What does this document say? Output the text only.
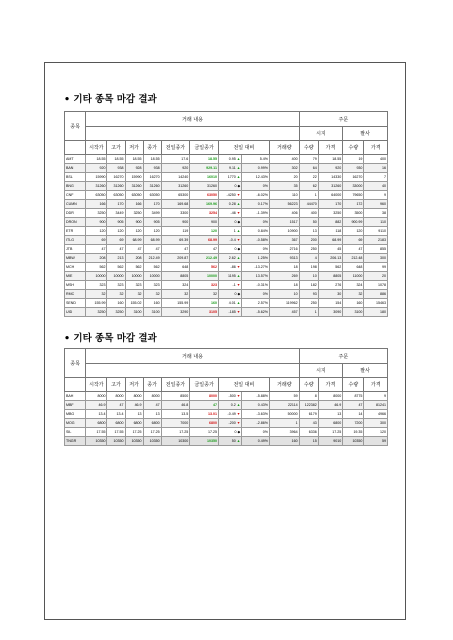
• 기타 종목 마감 결과
종목	거래 내용									주문			
										시지		팔사	
	시작가	고가	저가	종가	전일종가	금일종가	전일 대비		거래량	수량	가격	수량	가격
AMT	18.55	18.55	18.55	18.55	17.6	18.55	0.95 ▲	5.4%	400	79	18.55	19	400
BAN	920	938	928	938	920	929.11	9.11 ▲	0.99%	302	64	920	930	16
BSL	15990	16270	15990	16270	14240	16010	1770 ▲	12.43%	20	22	14330	16270	7
BNG	31260	31260	31260	31260	31260	31260	0 ◆	0%	35	62	31260	33000	40
CNF	63050	63050	63050	63050	65300	63050	-4250 ▼	-6.02%	110	1	64000	79650	9
CUMN	166	170	166	170	169.68	169.96	0.28 ▲	0.17%	56223	44470	170	172	960
DDR	3250	3449	3250	3499	3300	3254	-46 ▼	-1.39%	406	400	3250	3500	38
DRON	900	905	900	905	900	900	0 ◆	0%	1517	50	882	900.99	110
ETR	120	120	120	120	119	120	1 ▲	0.84%	10900	13	118	120	9110
ITLG	69	69	68.99	68.99	69.39	68.99	-0.4 ▼	-0.58%	367	200	68.99	69	2183
JTB	47	47	47	47	47	47	0 ◆	0%	2716	250	45	47	855
MBW	208	213	208	212.49	209.87	212.49	2.62 ▲	1.25%	9313	4	206.13	212.48	300
MCH	562	562	562	562	648	562	-86 ▼	-13.27%	18	198	562	648	99
MIE	10000	10000	10000	10000	8805	10000	1195 ▲	13.57%	269	10	8805	11000	20
MSH	323	323	323	323	324	323	-1 ▼	-0.31%	18	182	276	324	1078
RMC	32	32	32	32	32	32	0 ◆	0%	10	93	30	32	886
SEND	155.99	160	155.02	160	155.99	160	4.01 ▲	2.57%	119962	250	154	160	15463
UID	3250	3250	3100	3100	3290	3105	-185 ▼	-5.62%	457	1	3090	3100	180
• 기타 종목 마감 결과
종목	거래 내용									주문			
										시지		팔사	
	시작가	고가	저가	종가	전일종가	금일종가	전일 대비		거래량	수량	가격	수량	가격
BAH	8000	8000	8000	8000	8500	8000	-500 ▼	-5.88%	59	8	8000	8775	9
MBF	46.9	47	46.9	47	46.8	47	0.2 ▲	0.43%	22114	122382	46.9	47	81241
MBG	13.4	13.4	13	13	13.5	13.01	-0.49 ▼	-3.63%	50000	6179	13	14	4966
MOG	6800	6800	6800	6800	7000	6800	-200 ▼	-2.86%	1	43	6800	7200	300
SIL	17.55	17.55	17.25	17.25	17.25	17.25	0 ◆	0%	3964	6336	17.25	19.35	120
TNGR	10350	10350	10350	10350	10300	10350	50 ▲	0.49%	160	15	9010	10350	59
